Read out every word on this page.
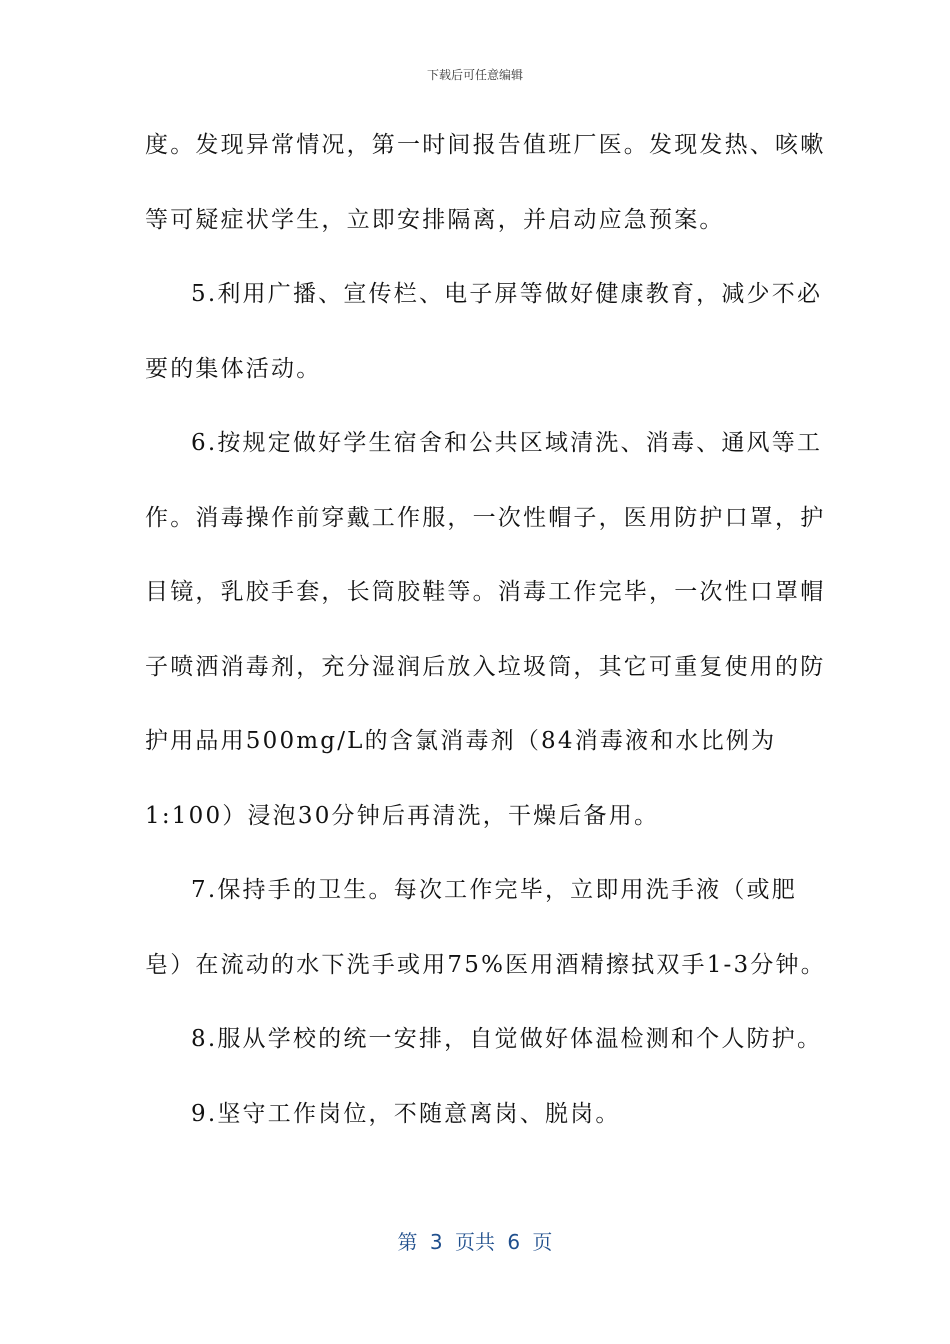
下载后可任意编辑
度。发现异常情况，第一时间报告值班厂医。发现发热、咳嗽
等可疑症状学生，立即安排隔离，并启动应急预案。
5.利用广播、宣传栏、电子屏等做好健康教育，减少不必
要的集体活动。
6.按规定做好学生宿舍和公共区域清洗、消毒、通风等工
作。消毒操作前穿戴工作服，一次性帽子，医用防护口罩，护
目镜，乳胶手套，长筒胶鞋等。消毒工作完毕，一次性口罩帽
子喷洒消毒剂，充分湿润后放入垃圾筒，其它可重复使用的防
护用品用500mg/L的含氯消毒剂（84消毒液和水比例为
1:100）浸泡30分钟后再清洗，干燥后备用。
7.保持手的卫生。每次工作完毕，立即用洗手液（或肥
皂）在流动的水下洗手或用75%医用酒精擦拭双手1-3分钟。
8.服从学校的统一安排，自觉做好体温检测和个人防护。
9.坚守工作岗位，不随意离岗、脱岗。
第 3 页共 6 页
